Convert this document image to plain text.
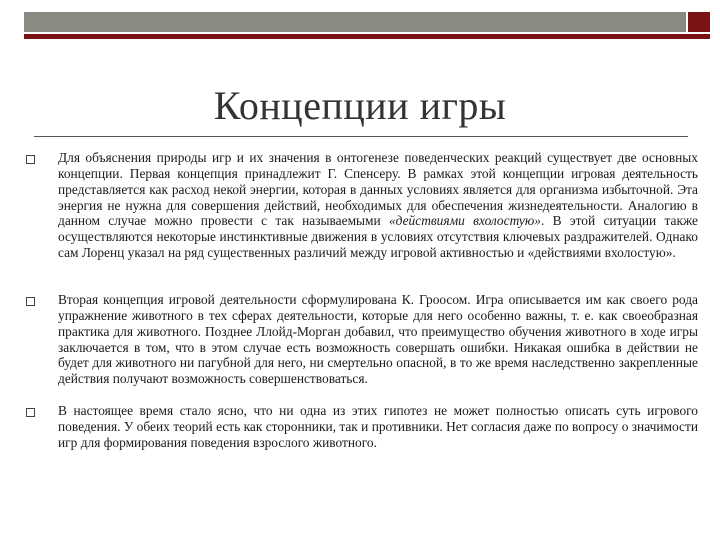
Концепции игры
Для объяснения природы игр и их значения в онтогенезе поведенческих реакций существует две основных концепции. Первая концепция принадлежит Г. Спенсеру. В рамках этой концепции игровая деятельность представляется как расход некой энергии, которая в данных условиях является для организма избыточной. Эта энергия не нужна для совершения действий, необходимых для обеспечения жизнедеятельности. Аналогию в данном случае можно провести с так называемыми «действиями вхолостую». В этой ситуации также осуществляются некоторые инстинктивные движения в условиях отсутствия ключевых раздражителей. Однако сам Лоренц указал на ряд существенных различий между игровой активностью и «действиями вхолостую».
Вторая концепция игровой деятельности сформулирована К. Гроосом. Игра описывается им как своего рода упражнение животного в тех сферах деятельности, которые для него особенно важны, т. е. как своеобразная практика для животного. Позднее Ллойд-Морган добавил, что преимущество обучения животного в ходе игры заключается в том, что в этом случае есть возможность совершать ошибки. Никакая ошибка в действии не будет для животного ни пагубной для него, ни смертельно опасной, в то же время наследственно закрепленные действия получают возможность совершенствоваться.
В настоящее время стало ясно, что ни одна из этих гипотез не может полностью описать суть игрового поведения. У обеих теорий есть как сторонники, так и противники. Нет согласия даже по вопросу о значимости игр для формирования поведения взрослого животного.
